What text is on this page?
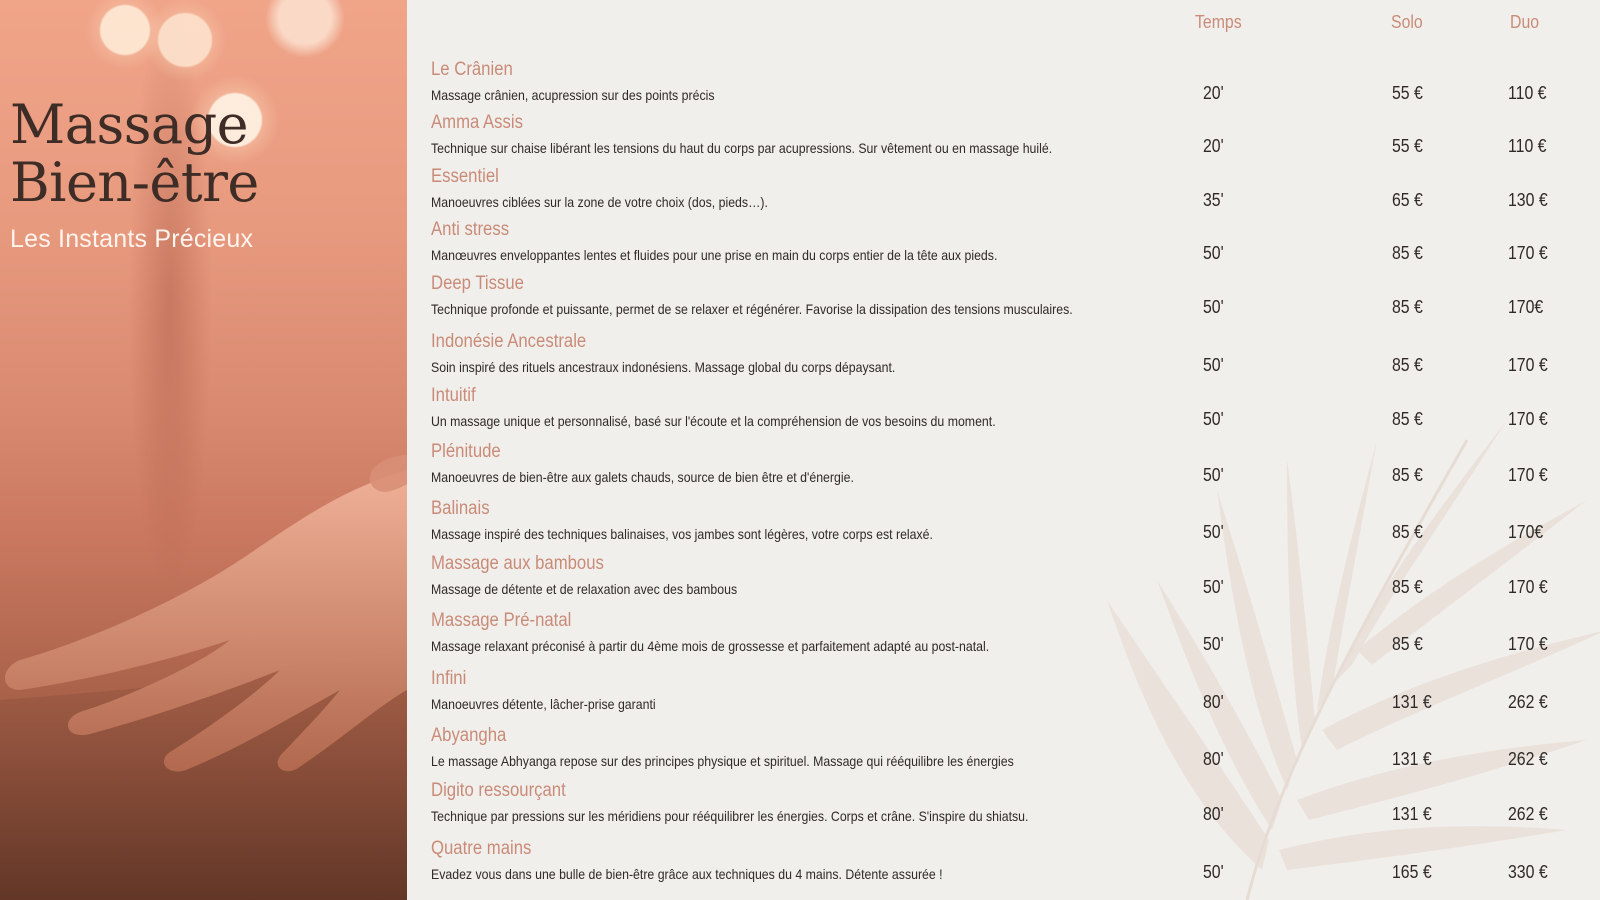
Massage
Bien-être
Les Instants Précieux
Temps	Solo	Duo
Le Crânien
Massage crânien, acupression sur des points précis	20'	55 €	110 €
Amma Assis
Technique sur chaise libérant les tensions du haut du corps par acupressions. Sur vêtement ou en massage huilé.	20'	55 €	110 €
Essentiel
Manoeuvres ciblées sur la zone de votre choix (dos, pieds…).	35'	65 €	130 €
Anti stress
Manœuvres enveloppantes lentes et fluides pour une prise en main du corps entier de la tête aux pieds.	50'	85 €	170 €
Deep Tissue
Technique profonde et puissante, permet de se relaxer et régénérer. Favorise la dissipation des tensions musculaires.	50'	85 €	170€
Indonésie Ancestrale
Soin inspiré des rituels ancestraux indonésiens. Massage global du corps dépaysant.	50'	85 €	170 €
Intuitif
Un massage unique et personnalisé, basé sur l'écoute et la compréhension de vos besoins du moment.	50'	85 €	170 €
Plénitude
Manoeuvres de bien-être aux galets chauds, source de bien être et d'énergie.	50'	85 €	170 €
Balinais
Massage inspiré des techniques balinaises, vos jambes sont légères, votre corps est relaxé.	50'	85 €	170€
Massage aux bambous
Massage de détente et de relaxation avec des bambous	50'	85 €	170 €
Massage Pré-natal
Massage relaxant préconisé à partir du 4ème mois de grossesse et parfaitement adapté au post-natal.	50'	85 €	170 €
Infini
Manoeuvres détente, lâcher-prise garanti	80'	131 €	262 €
Abyangha
Le massage Abhyanga repose sur des principes physique et spirituel. Massage qui rééquilibre les énergies	80'	131 €	262 €
Digito ressourçant
Technique par pressions sur les méridiens pour rééquilibrer les énergies. Corps et crâne. S'inspire du shiatsu.	80'	131 €	262 €
Quatre mains
Evadez vous dans une bulle de bien-être grâce aux techniques du 4 mains. Détente assurée !	50'	165 €	330 €
